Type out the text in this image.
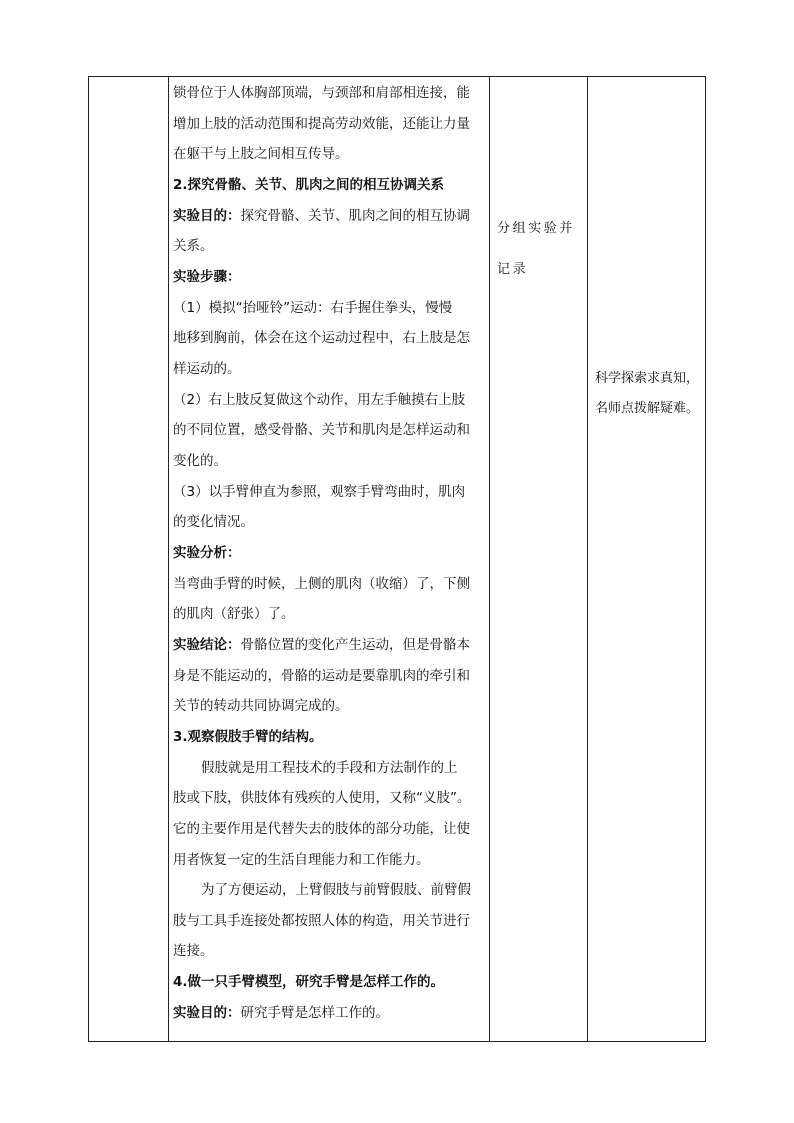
锁骨位于人体胸部顶端，与颈部和肩部相连接，能
增加上肢的活动范围和提高劳动效能，还能让力量
在躯干与上肢之间相互传导。
2.探究骨骼、关节、肌肉之间的相互协调关系
实验目的：探究骨骼、关节、肌肉之间的相互协调
关系。
实验步骤：
（1）模拟“抬哑铃”运动：右手握住拳头，慢慢
地移到胸前，体会在这个运动过程中，右上肢是怎
样运动的。
（2）右上肢反复做这个动作，用左手触摸右上肢
的不同位置，感受骨骼、关节和肌肉是怎样运动和
变化的。
（3）以手臂伸直为参照，观察手臂弯曲时，肌肉
的变化情况。
实验分析：
当弯曲手臂的时候，上侧的肌肉（收缩）了，下侧
的肌肉（舒张）了。
实验结论：骨骼位置的变化产生运动，但是骨骼本
身是不能运动的，骨骼的运动是要靠肌肉的牵引和
关节的转动共同协调完成的。
3.观察假肢手臂的结构。
假肢就是用工程技术的手段和方法制作的上
肢或下肢，供肢体有残疾的人使用，又称“义肢”。
它的主要作用是代替失去的肢体的部分功能，让使
用者恢复一定的生活自理能力和工作能力。
为了方便运动，上臂假肢与前臂假肢、前臂假
肢与工具手连接处都按照人体的构造，用关节进行
连接。
4.做一只手臂模型，研究手臂是怎样工作的。
实验目的：研究手臂是怎样工作的。
分组实验并
记录
科学探索求真知，
名师点拨解疑难。
